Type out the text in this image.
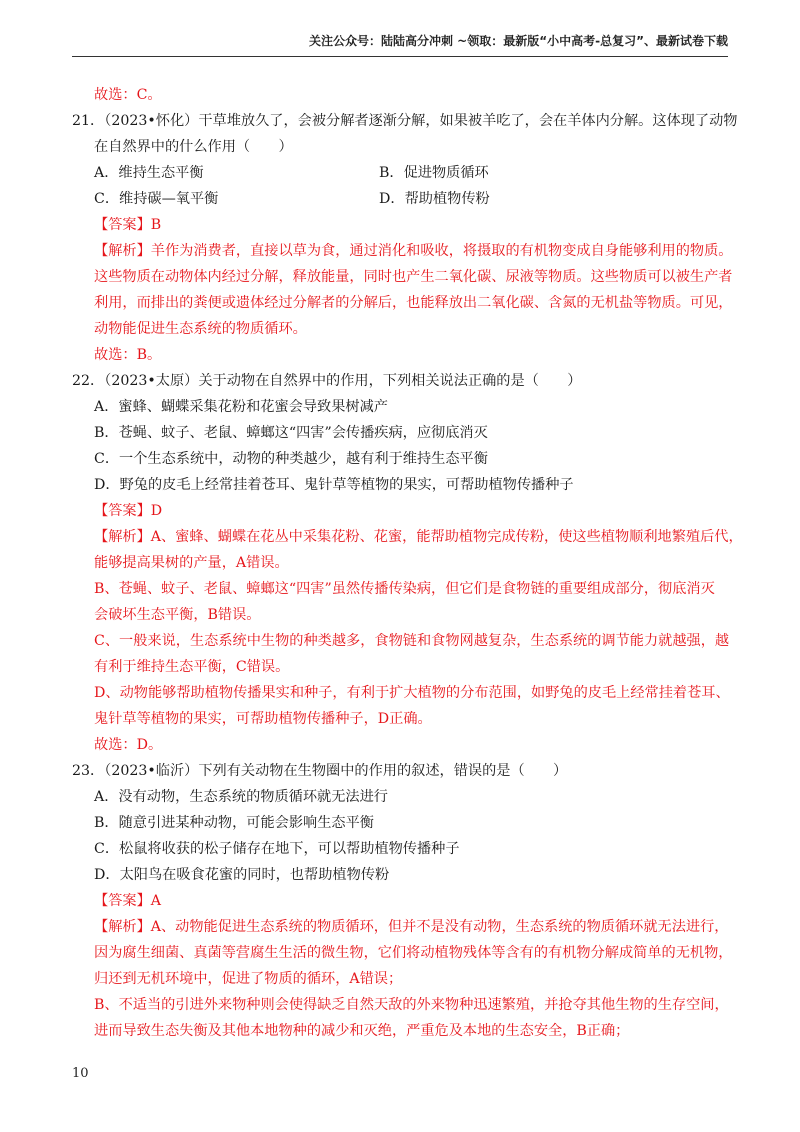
关注公众号：陆陆高分冲刺 ~领取：最新版“小中高考-总复习”、最新试卷下载
故选：C。
21．（2023•怀化）干草堆放久了，会被分解者逐渐分解，如果被羊吃了，会在羊体内分解。这体现了动物
在自然界中的什么作用（　　）
A．维持生态平衡	B．促进物质循环
C．维持碳—氧平衡	D．帮助植物传粉
【答案】B
【解析】羊作为消费者，直接以草为食，通过消化和吸收，将摄取的有机物变成自身能够利用的物质。
这些物质在动物体内经过分解，释放能量，同时也产生二氧化碳、尿液等物质。这些物质可以被生产者
利用，而排出的粪便或遗体经过分解者的分解后，也能释放出二氧化碳、含氮的无机盐等物质。可见，
动物能促进生态系统的物质循环。
故选：B。
22．（2023•太原）关于动物在自然界中的作用，下列相关说法正确的是（　　）
A．蜜蜂、蝴蝶采集花粉和花蜜会导致果树减产
B．苍蝇、蚊子、老鼠、蟑螂这“四害”会传播疾病，应彻底消灭
C．一个生态系统中，动物的种类越少，越有利于维持生态平衡
D．野兔的皮毛上经常挂着苍耳、鬼针草等植物的果实，可帮助植物传播种子
【答案】D
【解析】A、蜜蜂、蝴蝶在花丛中采集花粉、花蜜，能帮助植物完成传粉，使这些植物顺利地繁殖后代，
能够提高果树的产量，A错误。
B、苍蝇、蚊子、老鼠、蟑螂这“四害”虽然传播传染病，但它们是食物链的重要组成部分，彻底消灭
会破坏生态平衡，B错误。
C、一般来说，生态系统中生物的种类越多，食物链和食物网越复杂，生态系统的调节能力就越强，越
有利于维持生态平衡，C错误。
D、动物能够帮助植物传播果实和种子，有利于扩大植物的分布范围，如野兔的皮毛上经常挂着苍耳、
鬼针草等植物的果实，可帮助植物传播种子，D正确。
故选：D。
23．（2023•临沂）下列有关动物在生物圈中的作用的叙述，错误的是（　　）
A．没有动物，生态系统的物质循环就无法进行
B．随意引进某种动物，可能会影响生态平衡
C．松鼠将收获的松子储存在地下，可以帮助植物传播种子
D．太阳鸟在吸食花蜜的同时，也帮助植物传粉
【答案】A
【解析】A、动物能促进生态系统的物质循环，但并不是没有动物，生态系统的物质循环就无法进行，
因为腐生细菌、真菌等营腐生生活的微生物，它们将动植物残体等含有的有机物分解成简单的无机物，
归还到无机环境中，促进了物质的循环，A错误；
B、不适当的引进外来物种则会使得缺乏自然天敌的外来物种迅速繁殖，并抢夺其他生物的生存空间，
进而导致生态失衡及其他本地物种的减少和灭绝，严重危及本地的生态安全，B正确；
10
